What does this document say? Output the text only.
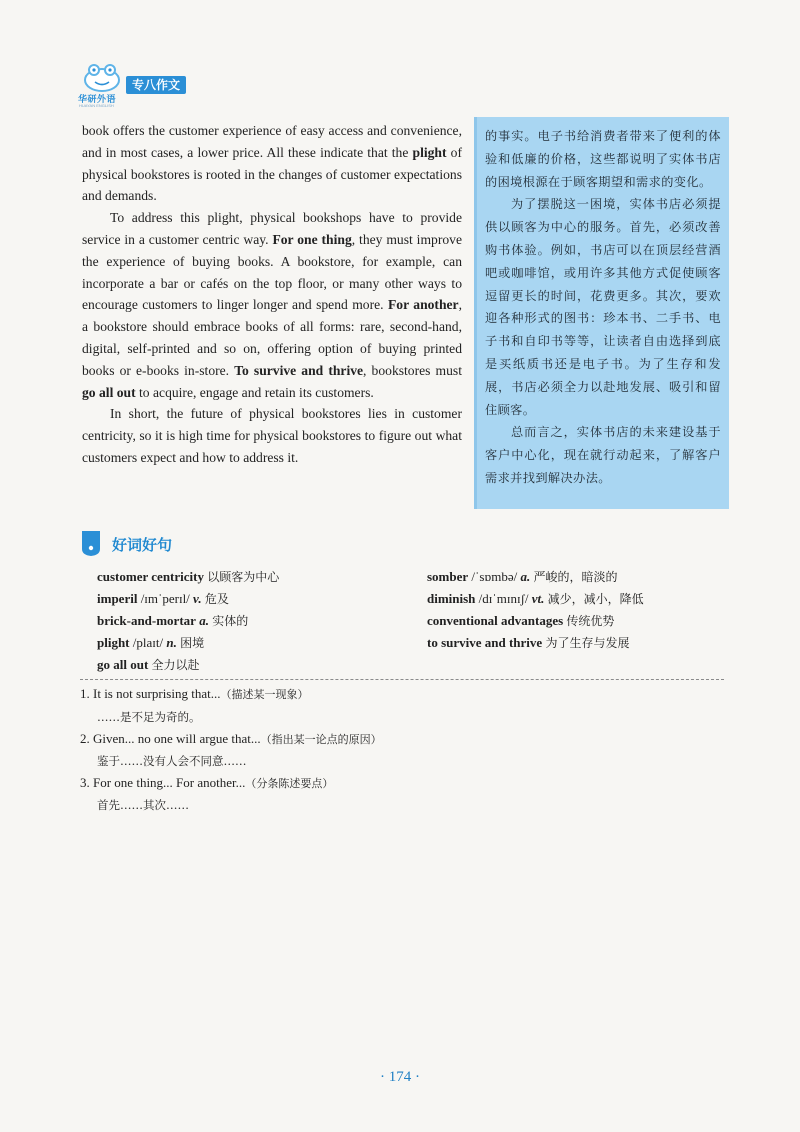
华研外语
HUAYAN ENGLISH
专八作文

book offers the customer experience of easy access and convenience, and in most cases, a lower price. All these indicate that the plight of physical bookstores is rooted in the changes of customer expectations and demands.

To address this plight, physical bookshops have to provide service in a customer centric way. For one thing, they must improve the experience of buying books. A bookstore, for example, can incorporate a bar or cafés on the top floor, or many other ways to encourage customers to linger longer and spend more. For another, a bookstore should embrace books of all forms: rare, second-hand, digital, self-printed and so on, offering option of buying printed books or e-books in-store. To survive and thrive, bookstores must go all out to acquire, engage and retain its customers.

In short, the future of physical bookstores lies in customer centricity, so it is high time for physical bookstores to figure out what customers expect and how to address it.

的事实。电子书给消费者带来了便利的体验和低廉的价格，这些都说明了实体书店的困境根源在于顾客期望和需求的变化。

为了摆脱这一困境，实体书店必须提供以顾客为中心的服务。首先，必须改善购书体验。例如，书店可以在顶层经营酒吧或咖啡馆，或用许多其他方式促使顾客逗留更长的时间，花费更多。其次，要欢迎各种形式的图书：珍本书、二手书、电子书和自印书等等，让读者自由选择到底是买纸质书还是电子书。为了生存和发展，书店必须全力以赴地发展、吸引和留住顾客。

总而言之，实体书店的未来建设基于客户中心化，现在就行动起来，了解客户需求并找到解决办法。

好词好句
customer centricity 以顾客为中心
imperil /ɪmˈperɪl/ v. 危及
brick-and-mortar a. 实体的
plight /plaɪt/ n. 困境
go all out 全力以赴
somber /ˈsɒmbə/ a. 严峻的，暗淡的
diminish /dɪˈmɪnɪʃ/ vt. 减少，减小，降低
conventional advantages 传统优势
to survive and thrive 为了生存与发展
1. It is not surprising that...（描述某一现象）
……是不足为奇的。
2. Given... no one will argue that...（指出某一论点的原因）
鉴于……没有人会不同意……
3. For one thing... For another...（分条陈述要点）
首先……其次……
· 174 ·
